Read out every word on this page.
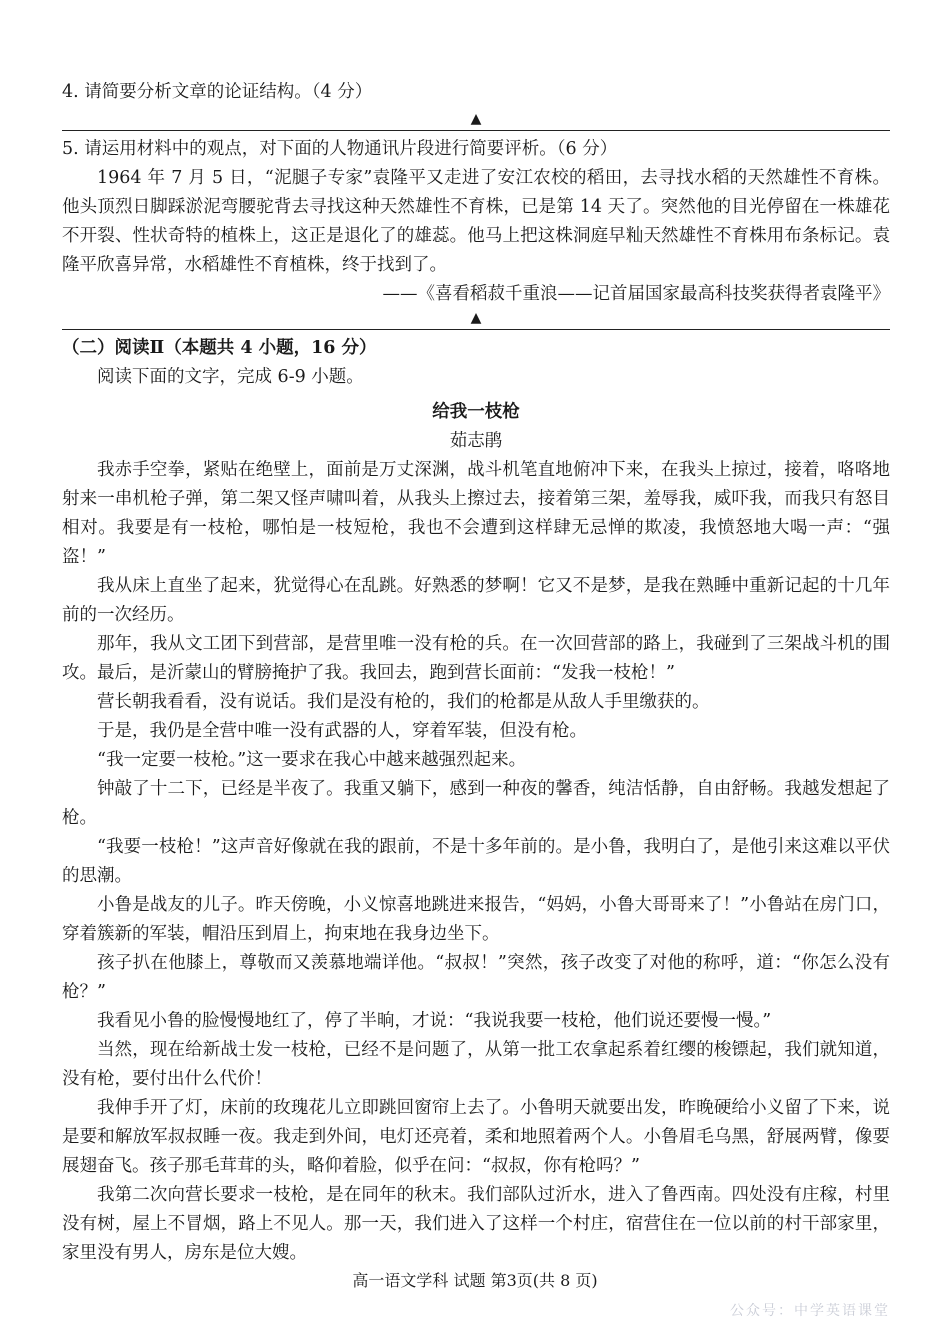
4. 请简要分析文章的论证结构。（4 分）

▲

5. 请运用材料中的观点，对下面的人物通讯片段进行简要评析。（6 分）

1964 年 7 月 5 日，“泥腿子专家”袁隆平又走进了安江农校的稻田，去寻找水稻的天然雄性不育株。他头顶烈日脚踩淤泥弯腰驼背去寻找这种天然雄性不育株，已是第 14 天了。突然他的目光停留在一株雄花不开裂、性状奇特的植株上，这正是退化了的雄蕊。他马上把这株洞庭早籼天然雄性不育株用布条标记。袁隆平欣喜异常，水稻雄性不育植株，终于找到了。

——《喜看稻菽千重浪——记首届国家最高科技奖获得者袁隆平》

▲

（二）阅读Ⅱ（本题共 4 小题，16 分）

阅读下面的文字，完成 6-9 小题。

给我一枝枪

茹志鹃

我赤手空拳，紧贴在绝壁上，面前是万丈深渊，战斗机笔直地俯冲下来，在我头上掠过，接着，咯咯地射来一串机枪子弹，第二架又怪声啸叫着，从我头上擦过去，接着第三架，羞辱我，威吓我，而我只有怒目相对。我要是有一枝枪，哪怕是一枝短枪，我也不会遭到这样肆无忌惮的欺凌，我愤怒地大喝一声：“强盗！”

我从床上直坐了起来，犹觉得心在乱跳。好熟悉的梦啊！它又不是梦，是我在熟睡中重新记起的十几年前的一次经历。

那年，我从文工团下到营部，是营里唯一没有枪的兵。在一次回营部的路上，我碰到了三架战斗机的围攻。最后，是沂蒙山的臂膀掩护了我。我回去，跑到营长面前：“发我一枝枪！”

营长朝我看看，没有说话。我们是没有枪的，我们的枪都是从敌人手里缴获的。

于是，我仍是全营中唯一没有武器的人，穿着军装，但没有枪。

“我一定要一枝枪。”这一要求在我心中越来越强烈起来。

钟敲了十二下，已经是半夜了。我重又躺下，感到一种夜的馨香，纯洁恬静，自由舒畅。我越发想起了枪。

“我要一枝枪！”这声音好像就在我的跟前，不是十多年前的。是小鲁，我明白了，是他引来这难以平伏的思潮。

小鲁是战友的儿子。昨天傍晚，小义惊喜地跳进来报告，“妈妈，小鲁大哥哥来了！”小鲁站在房门口，穿着簇新的军装，帽沿压到眉上，拘束地在我身边坐下。

孩子扒在他膝上，尊敬而又羡慕地端详他。“叔叔！”突然，孩子改变了对他的称呼，道：“你怎么没有枪？”

我看见小鲁的脸慢慢地红了，停了半晌，才说：“我说我要一枝枪，他们说还要慢一慢。”

当然，现在给新战士发一枝枪，已经不是问题了，从第一批工农拿起系着红缨的梭镖起，我们就知道，没有枪，要付出什么代价！

我伸手开了灯，床前的玫瑰花儿立即跳回窗帘上去了。小鲁明天就要出发，昨晚硬给小义留了下来，说是要和解放军叔叔睡一夜。我走到外间，电灯还亮着，柔和地照着两个人。小鲁眉毛乌黑，舒展两臂，像要展翅奋飞。孩子那毛茸茸的头，略仰着脸，似乎在问：“叔叔，你有枪吗？”

我第二次向营长要求一枝枪，是在同年的秋末。我们部队过沂水，进入了鲁西南。四处没有庄稼，村里没有树，屋上不冒烟，路上不见人。那一天，我们进入了这样一个村庄，宿营住在一位以前的村干部家里，家里没有男人，房东是位大嫂。

高一语文学科 试题 第3页(共 8 页)
公众号：中学英语课堂
